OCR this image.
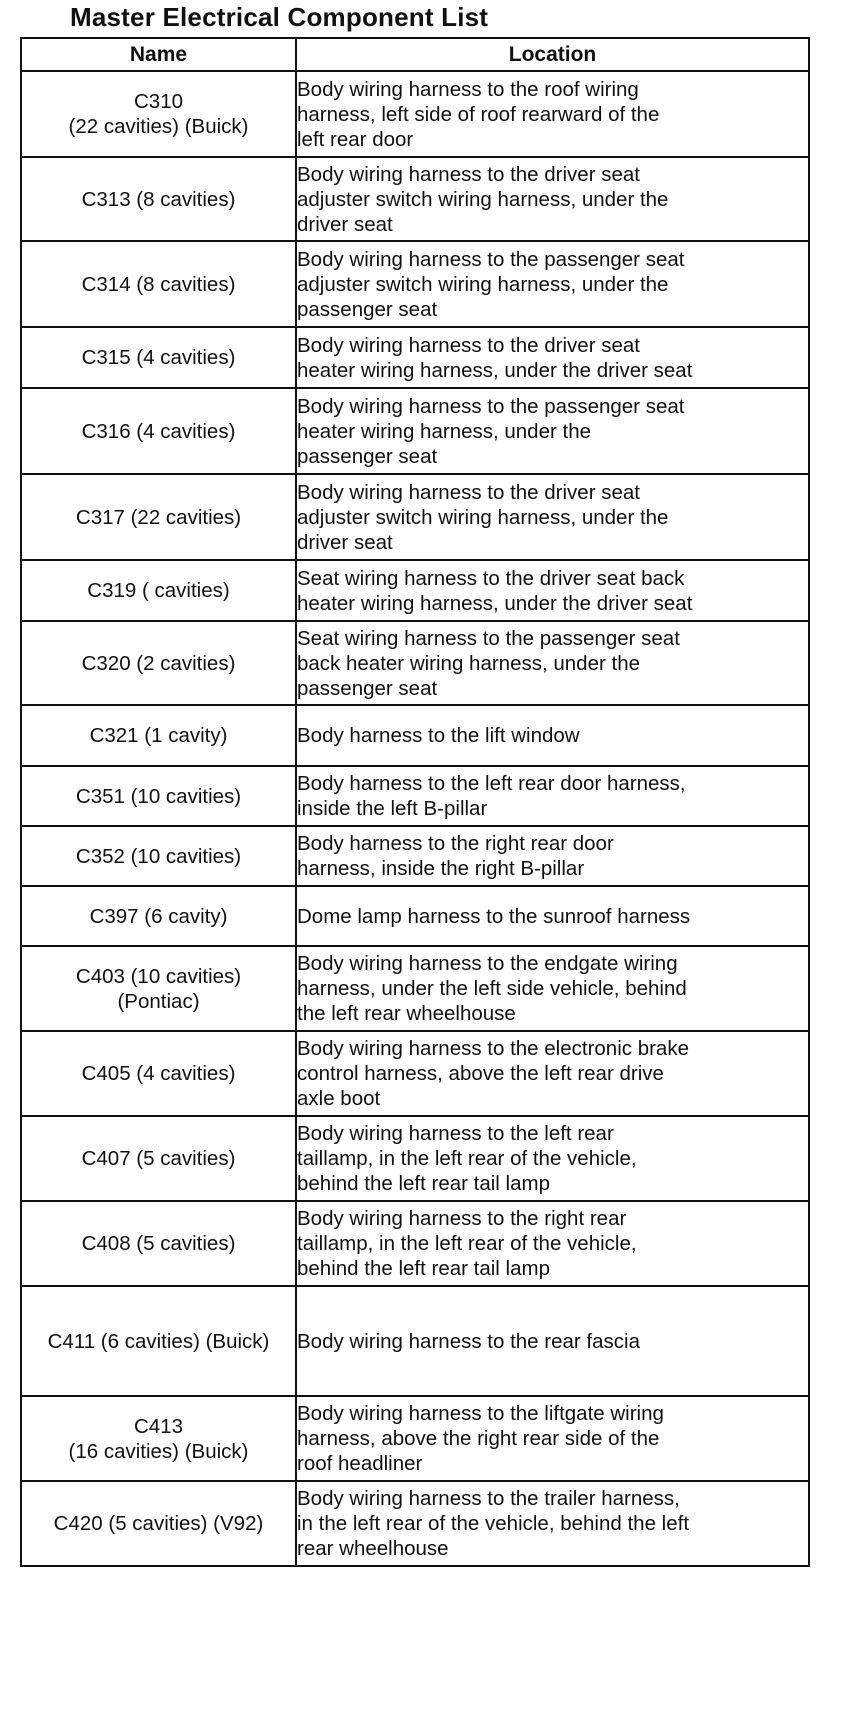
Master Electrical Component List
Name	Location
C310
(22 cavities) (Buick)	Body wiring harness to the roof wiring
harness, left side of roof rearward of the
left rear door
C313 (8 cavities)	Body wiring harness to the driver seat
adjuster switch wiring harness, under the
driver seat
C314 (8 cavities)	Body wiring harness to the passenger seat
adjuster switch wiring harness, under the
passenger seat
C315 (4 cavities)	Body wiring harness to the driver seat
heater wiring harness, under the driver seat
C316 (4 cavities)	Body wiring harness to the passenger seat
heater wiring harness, under the
passenger seat
C317 (22 cavities)	Body wiring harness to the driver seat
adjuster switch wiring harness, under the
driver seat
C319 ( cavities)	Seat wiring harness to the driver seat back
heater wiring harness, under the driver seat
C320 (2 cavities)	Seat wiring harness to the passenger seat
back heater wiring harness, under the
passenger seat
C321 (1 cavity)	Body harness to the lift window
C351 (10 cavities)	Body harness to the left rear door harness,
inside the left B-pillar
C352 (10 cavities)	Body harness to the right rear door
harness, inside the right B-pillar
C397 (6 cavity)	Dome lamp harness to the sunroof harness
C403 (10 cavities)
(Pontiac)	Body wiring harness to the endgate wiring
harness, under the left side vehicle, behind
the left rear wheelhouse
C405 (4 cavities)	Body wiring harness to the electronic brake
control harness, above the left rear drive
axle boot
C407 (5 cavities)	Body wiring harness to the left rear
taillamp, in the left rear of the vehicle,
behind the left rear tail lamp
C408 (5 cavities)	Body wiring harness to the right rear
taillamp, in the left rear of the vehicle,
behind the left rear tail lamp
C411 (6 cavities) (Buick)	Body wiring harness to the rear fascia
C413
(16 cavities) (Buick)	Body wiring harness to the liftgate wiring
harness, above the right rear side of the
roof headliner
C420 (5 cavities) (V92)	Body wiring harness to the trailer harness,
in the left rear of the vehicle, behind the left
rear wheelhouse
